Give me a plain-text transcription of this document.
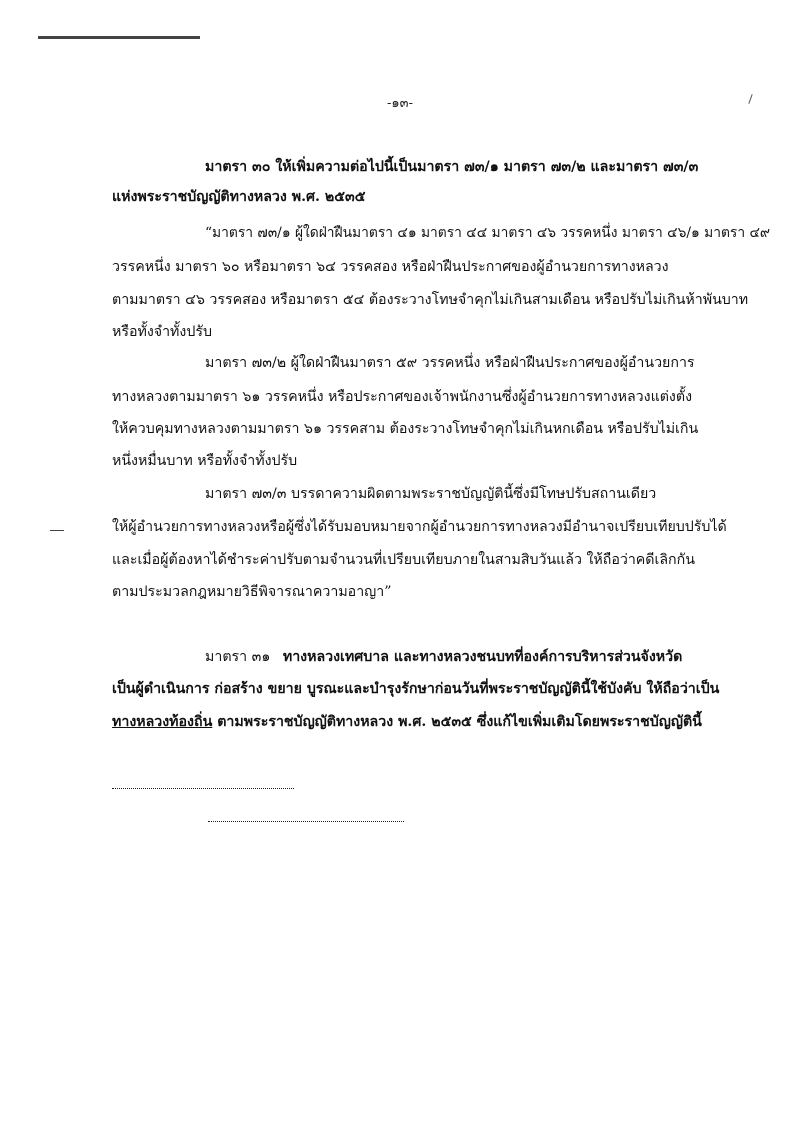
-๑๓-
มาตรา ๓๐ ให้เพิ่มความต่อไปนี้เป็นมาตรา ๗๓/๑ มาตรา ๗๓/๒ และมาตรา ๗๓/๓
แห่งพระราชบัญญัติทางหลวง พ.ศ. ๒๕๓๕
“มาตรา ๗๓/๑ ผู้ใดฝ่าฝืนมาตรา ๔๑ มาตรา ๔๔ มาตรา ๔๖ วรรคหนึ่ง มาตรา ๔๖/๑ มาตรา ๔๙
วรรคหนึ่ง มาตรา ๖๐ หรือมาตรา ๖๔ วรรคสอง หรือฝ่าฝืนประกาศของผู้อำนวยการทางหลวง
ตามมาตรา ๔๖ วรรคสอง หรือมาตรา ๕๔ ต้องระวางโทษจำคุกไม่เกินสามเดือน หรือปรับไม่เกินห้าพันบาท
หรือทั้งจำทั้งปรับ
มาตรา ๗๓/๒ ผู้ใดฝ่าฝืนมาตรา ๕๙ วรรคหนึ่ง หรือฝ่าฝืนประกาศของผู้อำนวยการ
ทางหลวงตามมาตรา ๖๑ วรรคหนึ่ง หรือประกาศของเจ้าพนักงานซึ่งผู้อำนวยการทางหลวงแต่งตั้ง
ให้ควบคุมทางหลวงตามมาตรา ๖๑ วรรคสาม ต้องระวางโทษจำคุกไม่เกินหกเดือน หรือปรับไม่เกิน
หนึ่งหมื่นบาท หรือทั้งจำทั้งปรับ
มาตรา ๗๓/๓ บรรดาความผิดตามพระราชบัญญัตินี้ซึ่งมีโทษปรับสถานเดียว
ให้ผู้อำนวยการทางหลวงหรือผู้ซึ่งได้รับมอบหมายจากผู้อำนวยการทางหลวงมีอำนาจเปรียบเทียบปรับได้
และเมื่อผู้ต้องหาได้ชำระค่าปรับตามจำนวนที่เปรียบเทียบภายในสามสิบวันแล้ว ให้ถือว่าคดีเลิกกัน
ตามประมวลกฎหมายวิธีพิจารณาความอาญา”
มาตรา ๓๑ ทางหลวงเทศบาล และทางหลวงชนบทที่องค์การบริหารส่วนจังหวัด
เป็นผู้ดำเนินการ ก่อสร้าง ขยาย บูรณะและบำรุงรักษาก่อนวันที่พระราชบัญญัตินี้ใช้บังคับ ให้ถือว่าเป็น
ทางหลวงท้องถิ่น ตามพระราชบัญญัติทางหลวง พ.ศ. ๒๕๓๕ ซึ่งแก้ไขเพิ่มเติมโดยพระราชบัญญัตินี้
